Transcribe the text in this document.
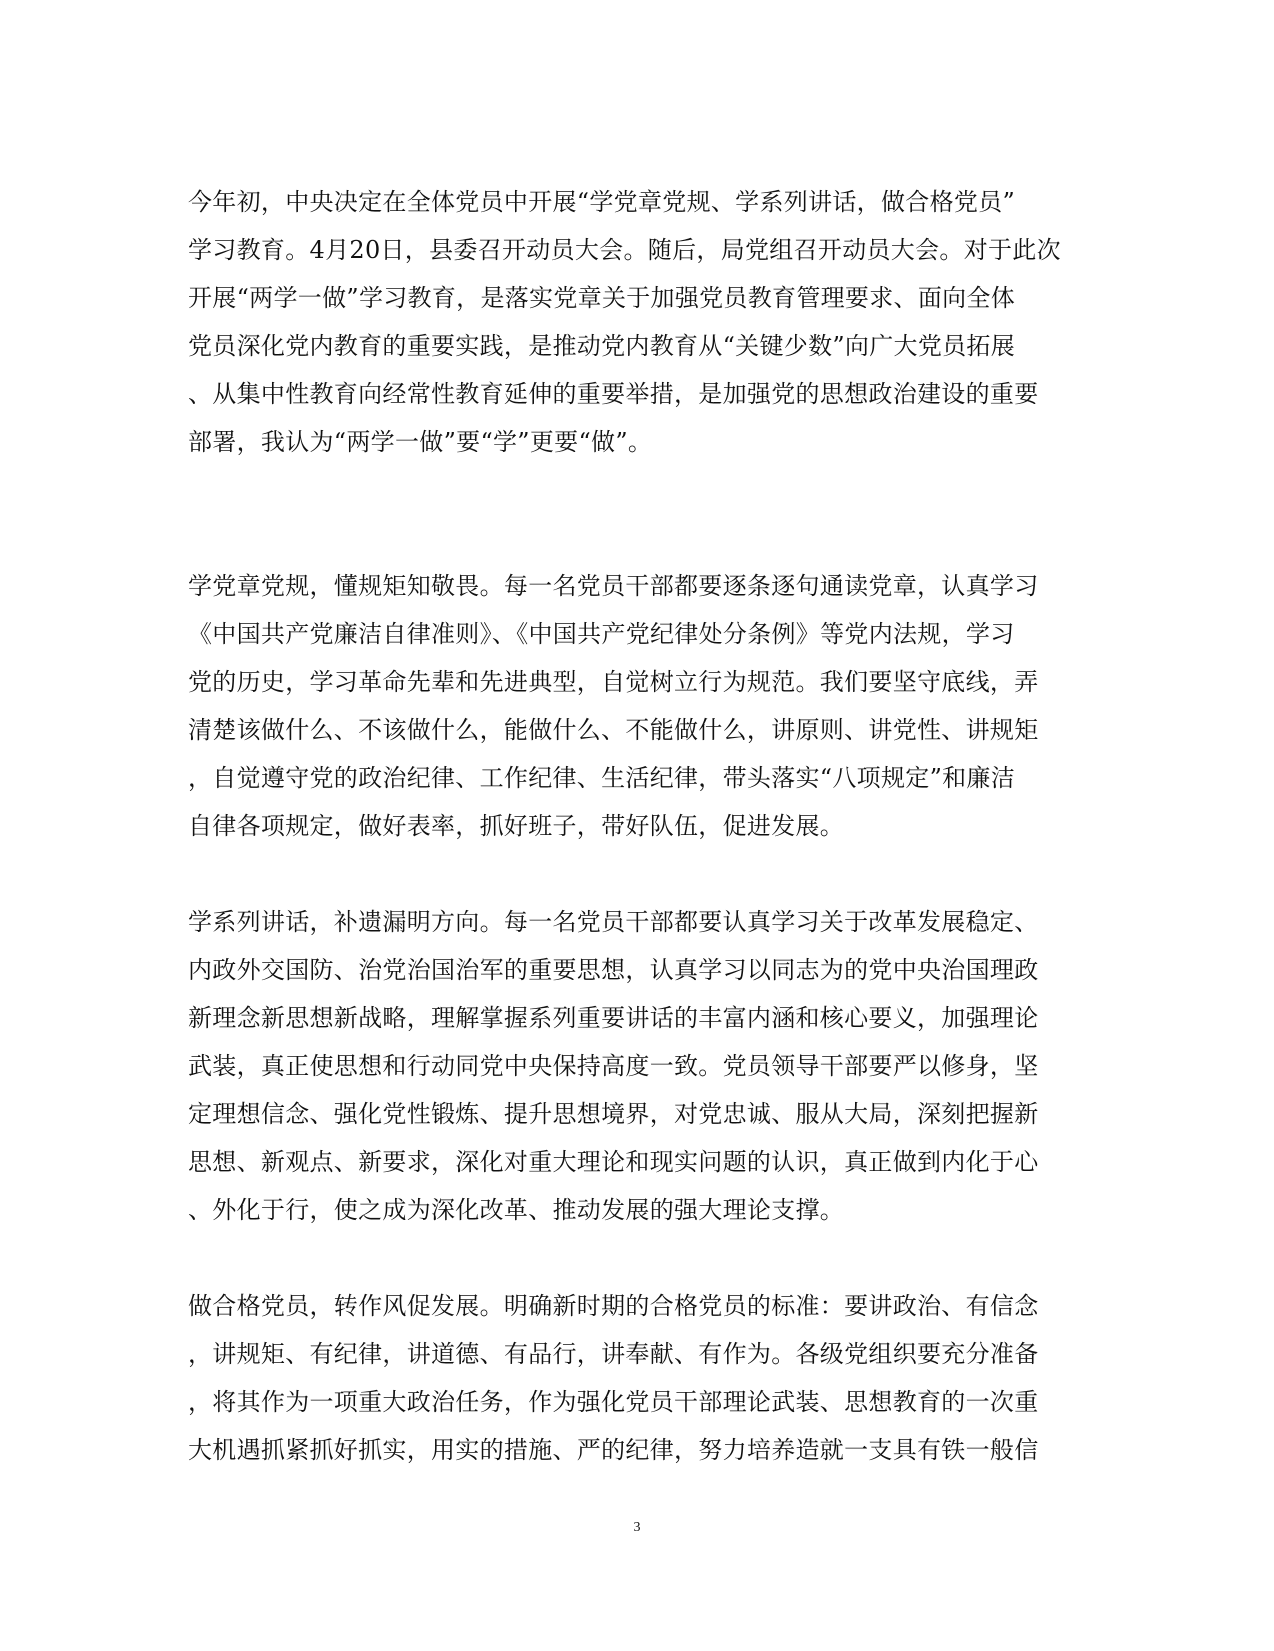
今年初，中央决定在全体党员中开展“学党章党规、学系列讲话，做合格党员”
学习教育。4月20日，县委召开动员大会。随后，局党组召开动员大会。对于此次
开展“两学一做”学习教育，是落实党章关于加强党员教育管理要求、面向全体
党员深化党内教育的重要实践，是推动党内教育从“关键少数”向广大党员拓展
、从集中性教育向经常性教育延伸的重要举措，是加强党的思想政治建设的重要
部署，我认为“两学一做”要“学”更要“做”。
学党章党规，懂规矩知敬畏。每一名党员干部都要逐条逐句通读党章，认真学习
《中国共产党廉洁自律准则》、《中国共产党纪律处分条例》等党内法规，学习
党的历史，学习革命先辈和先进典型，自觉树立行为规范。我们要坚守底线，弄
清楚该做什么、不该做什么，能做什么、不能做什么，讲原则、讲党性、讲规矩
，自觉遵守党的政治纪律、工作纪律、生活纪律，带头落实“八项规定”和廉洁
自律各项规定，做好表率，抓好班子，带好队伍，促进发展。
学系列讲话，补遗漏明方向。每一名党员干部都要认真学习关于改革发展稳定、
内政外交国防、治党治国治军的重要思想，认真学习以同志为的党中央治国理政
新理念新思想新战略，理解掌握系列重要讲话的丰富内涵和核心要义，加强理论
武装，真正使思想和行动同党中央保持高度一致。党员领导干部要严以修身，坚
定理想信念、强化党性锻炼、提升思想境界，对党忠诚、服从大局，深刻把握新
思想、新观点、新要求，深化对重大理论和现实问题的认识，真正做到内化于心
、外化于行，使之成为深化改革、推动发展的强大理论支撑。
做合格党员，转作风促发展。明确新时期的合格党员的标准：要讲政治、有信念
，讲规矩、有纪律，讲道德、有品行，讲奉献、有作为。各级党组织要充分准备
，将其作为一项重大政治任务，作为强化党员干部理论武装、思想教育的一次重
大机遇抓紧抓好抓实，用实的措施、严的纪律，努力培养造就一支具有铁一般信
3
